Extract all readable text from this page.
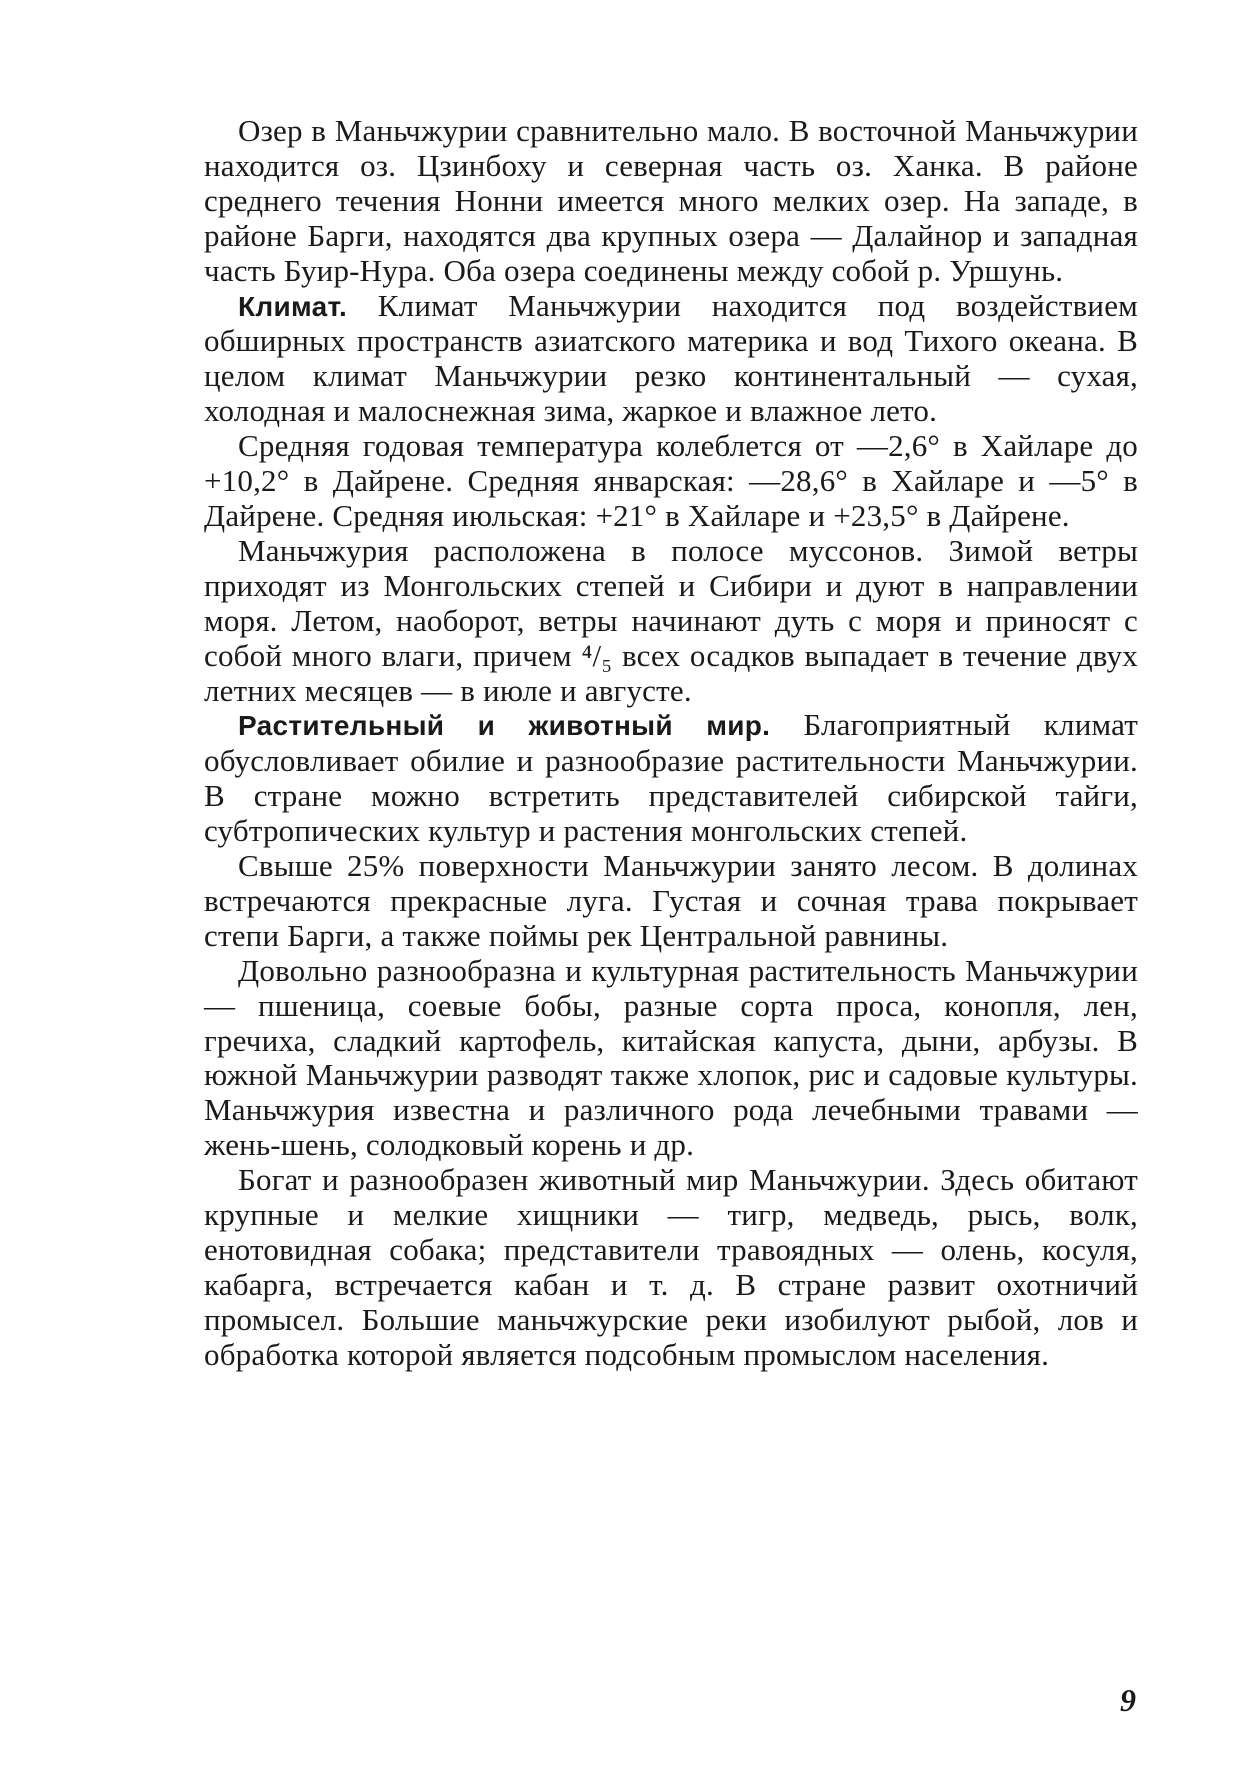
Озер в Маньчжурии сравнительно мало. В восточной Маньчжурии находится оз. Цзинбоху и северная часть оз. Ханка. В районе среднего течения Нонни имеется много мелких озер. На западе, в районе Барги, находятся два крупных озера — Далайнор и западная часть Буир-Нура. Оба озера соединены между собой р. Уршунь.

Климат. Климат Маньчжурии находится под воздействием обширных пространств азиатского материка и вод Тихого океана. В целом климат Маньчжурии резко континентальный — сухая, холодная и малоснежная зима, жаркое и влажное лето.

Средняя годовая температура колеблется от —2,6° в Хайларе до +10,2° в Дайрене. Средняя январская: —28,6° в Хайларе и —5° в Дайрене. Средняя июльская: +21° в Хайларе и +23,5° в Дайрене.

Маньчжурия расположена в полосе муссонов. Зимой ветры приходят из Монгольских степей и Сибири и дуют в направлении моря. Летом, наоборот, ветры начинают дуть с моря и приносят с собой много влаги, причем ⁴/₅ всех осадков выпадает в течение двух летних месяцев — в июле и августе.

Растительный и животный мир. Благоприятный климат обусловливает обилие и разнообразие растительности Маньчжурии. В стране можно встретить представителей сибирской тайги, субтропических культур и растения монгольских степей.

Свыше 25% поверхности Маньчжурии занято лесом. В долинах встречаются прекрасные луга. Густая и сочная трава покрывает степи Барги, а также поймы рек Центральной равнины.

Довольно разнообразна и культурная растительность Маньчжурии — пшеница, соевые бобы, разные сорта проса, конопля, лен, гречиха, сладкий картофель, китайская капуста, дыни, арбузы. В южной Маньчжурии разводят также хлопок, рис и садовые культуры. Маньчжурия известна и различного рода лечебными травами — жень-шень, солодковый корень и др.

Богат и разнообразен животный мир Маньчжурии. Здесь обитают крупные и мелкие хищники — тигр, медведь, рысь, волк, енотовидная собака; представители травоядных — олень, косуля, кабарга, встречается кабан и т. д. В стране развит охотничий промысел. Большие маньчжурские реки изобилуют рыбой, лов и обработка которой является подсобным промыслом населения.

9
